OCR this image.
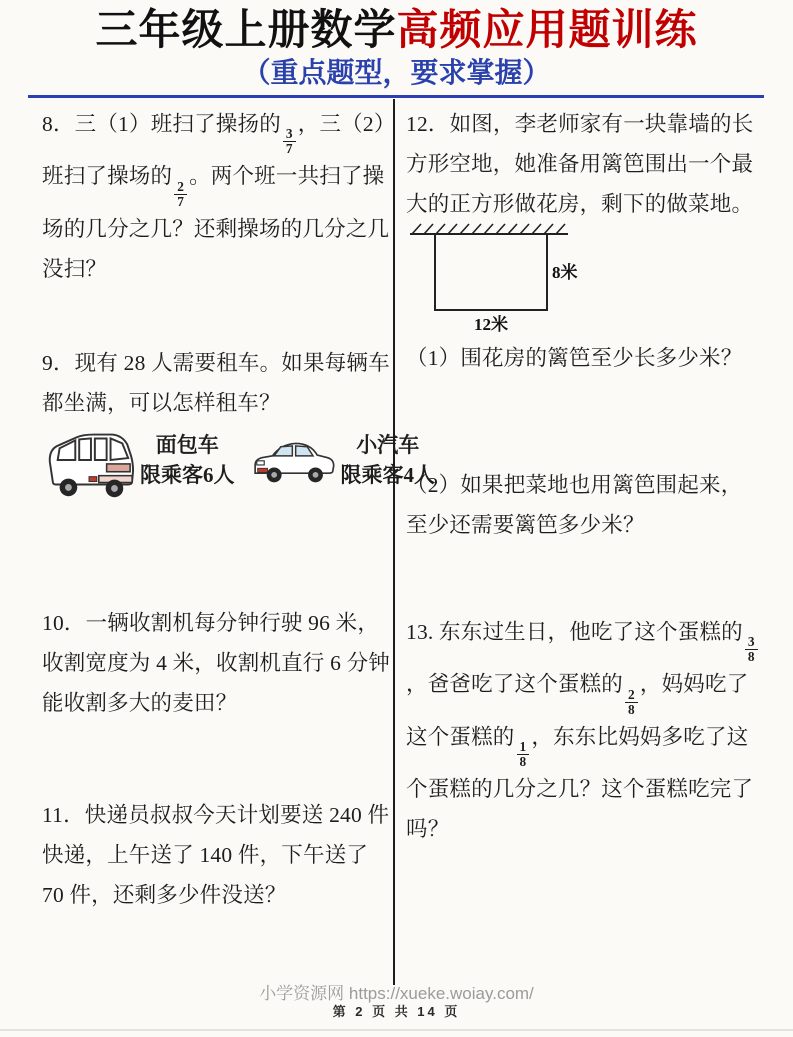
三年级上册数学高频应用题训练
（重点题型，要求掌握）
8．三（1）班扫了操扬的
$\frac{3}{7}$
，三（2）班扫了操场的
$\frac{2}{7}$
。两个班一共扫了操场的几分之几？还剩操场的几分之几没扫？
9．现有 28 人需要租车。如果每辆车都坐满，可以怎样租车？
面包车
限乘客6人
小汽车
限乘客4人
10．一辆收割机每分钟行驶 96 米，收割宽度为 4 米，收割机直行 6 分钟能收割多大的麦田？
11．快递员叔叔今天计划要送 240 件快递，上午送了 140 件，下午送了 70 件，还剩多少件没送？
12．如图，李老师家有一块靠墙的长方形空地，她准备用篱笆围出一个最大的正方形做花房，剩下的做菜地。
8米
12米
（1）围花房的篱笆至少长多少米？
（2）如果把菜地也用篱笆围起来，至少还需要篱笆多少米？
13. 东东过生日，他吃了这个蛋糕的
$\frac{3}{8}$
，爸爸吃了这个蛋糕的
$\frac{2}{8}$
，妈妈吃了这个蛋糕的
$\frac{1}{8}$
，东东比妈妈多吃了这个蛋糕的几分之几？这个蛋糕吃完了吗？
小学资源网 https://xueke.woiay.com/
第 2 页 共 14 页
